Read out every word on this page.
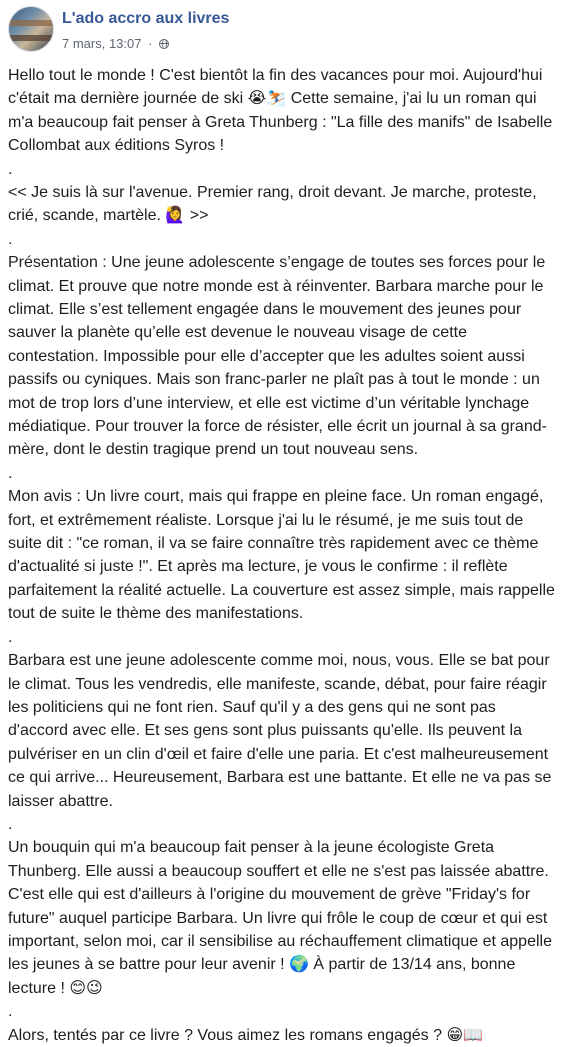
L'ado accro aux livres
7 mars, 13:07 ·

Hello tout le monde ! C'est bientôt la fin des vacances pour moi. Aujourd'hui c'était ma dernière journée de ski 😭⛷️ Cette semaine, j'ai lu un roman qui m'a beaucoup fait penser à Greta Thunberg : "La fille des manifs" de Isabelle Collombat aux éditions Syros !

.

<< Je suis là sur l'avenue. Premier rang, droit devant. Je marche, proteste, crié, scande, martèle. 🙋‍♀️ >>

.

Présentation : Une jeune adolescente s’engage de toutes ses forces pour le climat. Et prouve que notre monde est à réinventer. Barbara marche pour le climat. Elle s’est tellement engagée dans le mouvement des jeunes pour sauver la planète qu’elle est devenue le nouveau visage de cette contestation. Impossible pour elle d’accepter que les adultes soient aussi passifs ou cyniques. Mais son franc-parler ne plaît pas à tout le monde : un mot de trop lors d’une interview, et elle est victime d’un véritable lynchage médiatique. Pour trouver la force de résister, elle écrit un journal à sa grand-mère, dont le destin tragique prend un tout nouveau sens.

.

Mon avis : Un livre court, mais qui frappe en pleine face. Un roman engagé, fort, et extrêmement réaliste. Lorsque j'ai lu le résumé, je me suis tout de suite dit : "ce roman, il va se faire connaître très rapidement avec ce thème d'actualité si juste !". Et après ma lecture, je vous le confirme : il reflète parfaitement la réalité actuelle. La couverture est assez simple, mais rappelle tout de suite le thème des manifestations.

.

Barbara est une jeune adolescente comme moi, nous, vous. Elle se bat pour le climat. Tous les vendredis, elle manifeste, scande, débat, pour faire réagir les politiciens qui ne font rien. Sauf qu'il y a des gens qui ne sont pas d'accord avec elle. Et ses gens sont plus puissants qu'elle. Ils peuvent la pulvériser en un clin d'œil et faire d'elle une paria. Et c'est malheureusement ce qui arrive... Heureusement, Barbara est une battante. Et elle ne va pas se laisser abattre.

.

Un bouquin qui m'a beaucoup fait penser à la jeune écologiste Greta Thunberg. Elle aussi a beaucoup souffert et elle ne s'est pas laissée abattre. C'est elle qui est d'ailleurs à l'origine du mouvement de grève "Friday's for future" auquel participe Barbara. Un livre qui frôle le coup de cœur et qui est important, selon moi, car il sensibilise au réchauffement climatique et appelle les jeunes à se battre pour leur avenir ! 🌍 À partir de 13/14 ans, bonne lecture ! 😊😉

.

Alors, tentés par ce livre ? Vous aimez les romans engagés ? 😁📖
